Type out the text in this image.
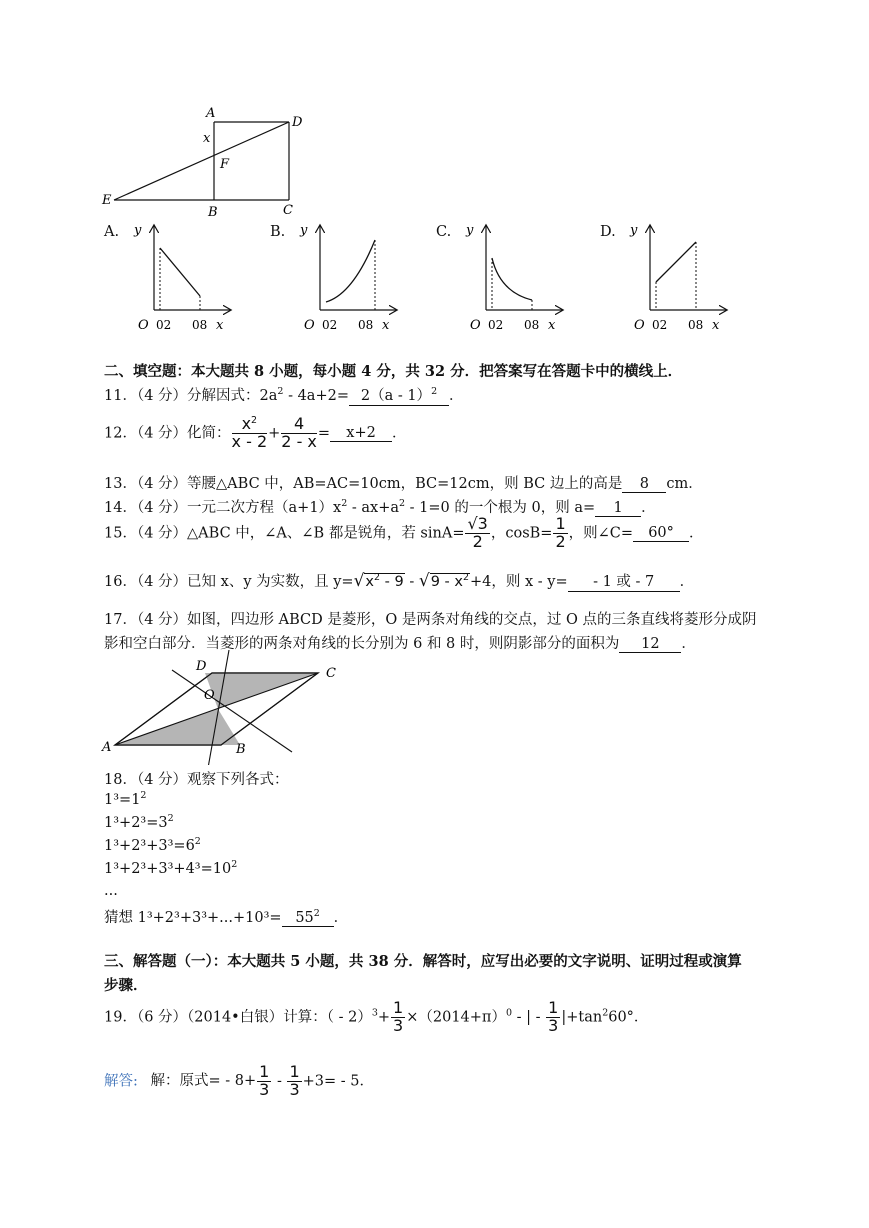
A
D
F
B	C
E
x
A. y
x
O 02 08
B. y
x
O 02 08
C. y
x
O 02 08
D. y
x
O 02 08
二、填空题：本大题共 8 小题，每小题 4 分，共 32 分．把答案写在答题卡中的横线上．
11．（4 分）分解因式：$2a^2 - 4a+2= 2(a - 1)^2$ ．
12．（4 分）化简： $\frac{x^2}{x - 2} + \frac{4}{2 - x} = x+2$ ．
13．（4 分）等腰△ABC 中，AB=AC=10cm，BC=12cm，则 BC 边上的高是 8 cm．
14．（4 分）一元二次方程$(a+1)x^2 - ax+a^2 - 1=0$ 的一个根为 0，则 a= 1 ．
15．（4 分）△ABC 中，∠A、∠B 都是锐角，若 $\sin A= \frac{√3}{2}$ ，$\cos B= \frac{1}{2}$ ，则∠C= 60° ．
16．（4 分）已知 x、y 为实数，且 $y=√x^2 - 9 - √9 - x^2+4$，则 x - y= - 1 或 - 7 ．
17．（4 分）如图，四边形 ABCD 是菱形，O 是两条对角线的交点，过 O 点的三条直线将菱形分成阴
影和空白部分．当菱形的两条对角线的长分别为 6 和 8 时，则阴影部分的面积为 12 ．
D	C
O
A	B
18．（4 分）观察下列各式：
$1^3=1^2$
$1^3+2^3=3^2$
$1^3+2^3+3^3=6^2$
$1^3+2^3+3^3+4^3=10^2$
...
猜想 $1^3+2^3+3^3+...+10^3= 55^2$ ．
三、解答题（一）：本大题共 5 小题，共 38 分．解答时，应写出必要的文字说明、证明过程或演算
步骤．
19．（6 分）（2014•白银）计算：（ - $2)^3+ \frac{1}{3} \times(2014+\pi)^0$ - | - $\frac{1}{3} |+\tan^260^\circ$．
解答: 解：原式= - $8+ \frac{1}{3} - \frac{1}{3} +3= - 5$．
